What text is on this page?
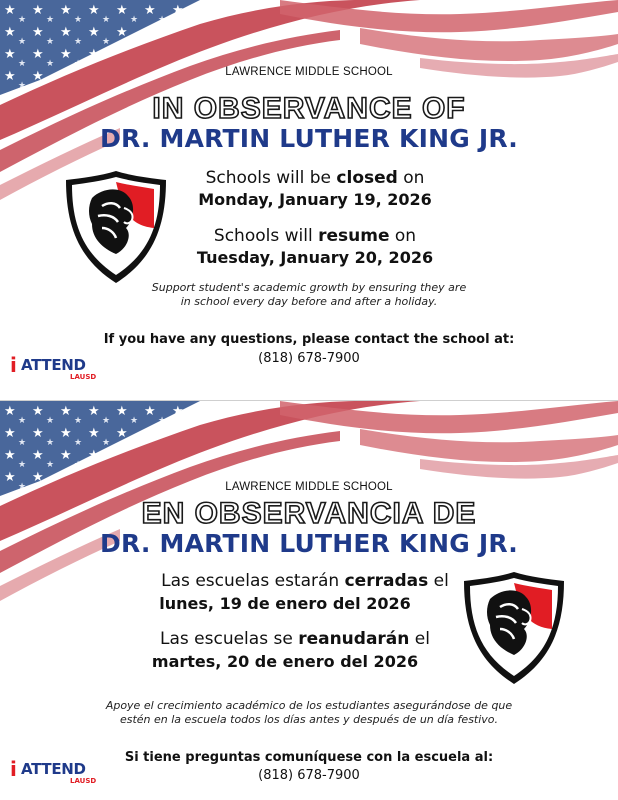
LAWRENCE MIDDLE SCHOOL
IN OBSERVANCE OF
DR. MARTIN LUTHER KING JR.
Schools will be closed on
Monday, January 19, 2026
Schools will resume on
Tuesday, January 20, 2026
Support student's academic growth by ensuring they are
in school every day before and after a holiday.
If you have any questions, please contact the school at:
(818) 678-7900
i ATTEND
LAUSD
LAWRENCE MIDDLE SCHOOL
EN OBSERVANCIA DE
DR. MARTIN LUTHER KING JR.
Las escuelas estarán cerradas el
lunes, 19 de enero del 2026
Las escuelas se reanudarán el
martes, 20 de enero del 2026
Apoye el crecimiento académico de los estudiantes asegurándose de que
estén en la escuela todos los días antes y después de un día festivo.
Si tiene preguntas comuníquese con la escuela al:
(818) 678-7900
i ATTEND
LAUSD
